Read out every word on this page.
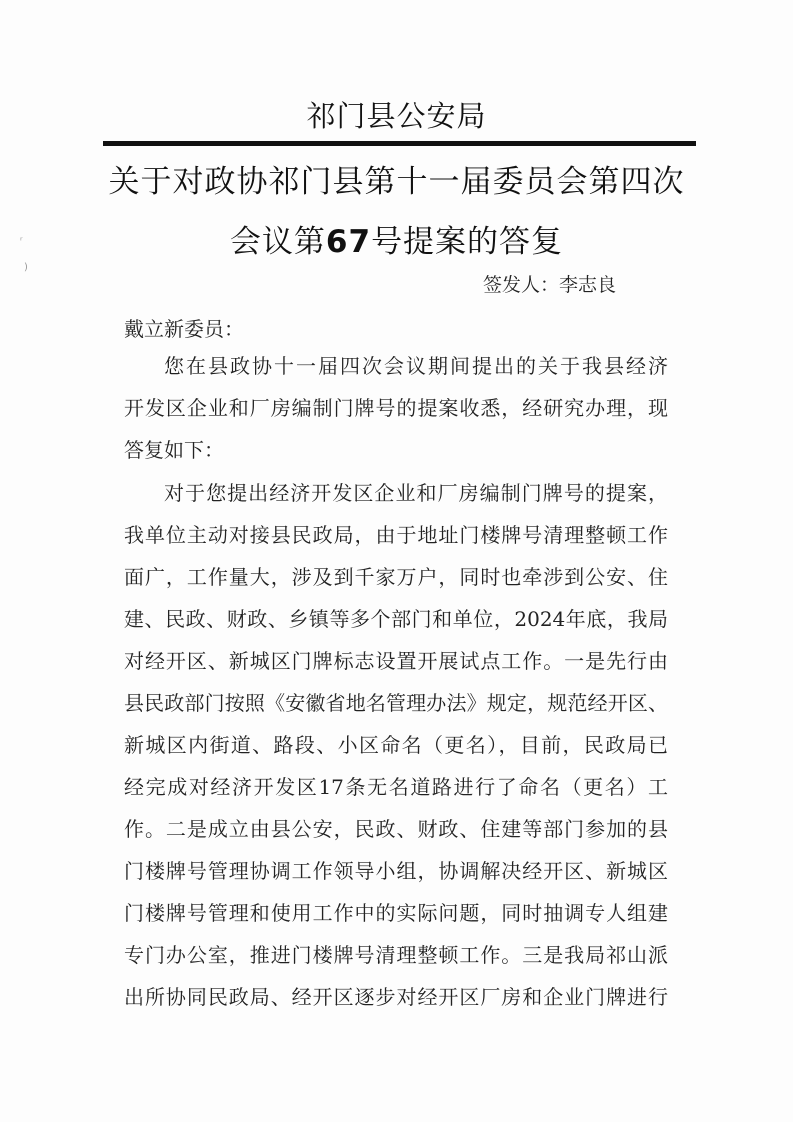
祁门县公安局
关于对政协祁门县第十一届委员会第四次
会议第67号提案的答复
签发人：李志良
戴立新委员：
您在县政协十一届四次会议期间提出的关于我县经济
开发区企业和厂房编制门牌号的提案收悉，经研究办理，现
答复如下：
对于您提出经济开发区企业和厂房编制门牌号的提案，
我单位主动对接县民政局，由于地址门楼牌号清理整顿工作
面广，工作量大，涉及到千家万户，同时也牵涉到公安、住
建、民政、财政、乡镇等多个部门和单位，2024年底，我局
对经开区、新城区门牌标志设置开展试点工作。一是先行由
县民政部门按照《安徽省地名管理办法》规定，规范经开区、
新城区内街道、路段、小区命名（更名），目前，民政局已
经完成对经济开发区17条无名道路进行了命名（更名）工
作。二是成立由县公安，民政、财政、住建等部门参加的县
门楼牌号管理协调工作领导小组，协调解决经开区、新城区
门楼牌号管理和使用工作中的实际问题，同时抽调专人组建
专门办公室，推进门楼牌号清理整顿工作。三是我局祁山派
出所协同民政局、经开区逐步对经开区厂房和企业门牌进行
ʳ
)
